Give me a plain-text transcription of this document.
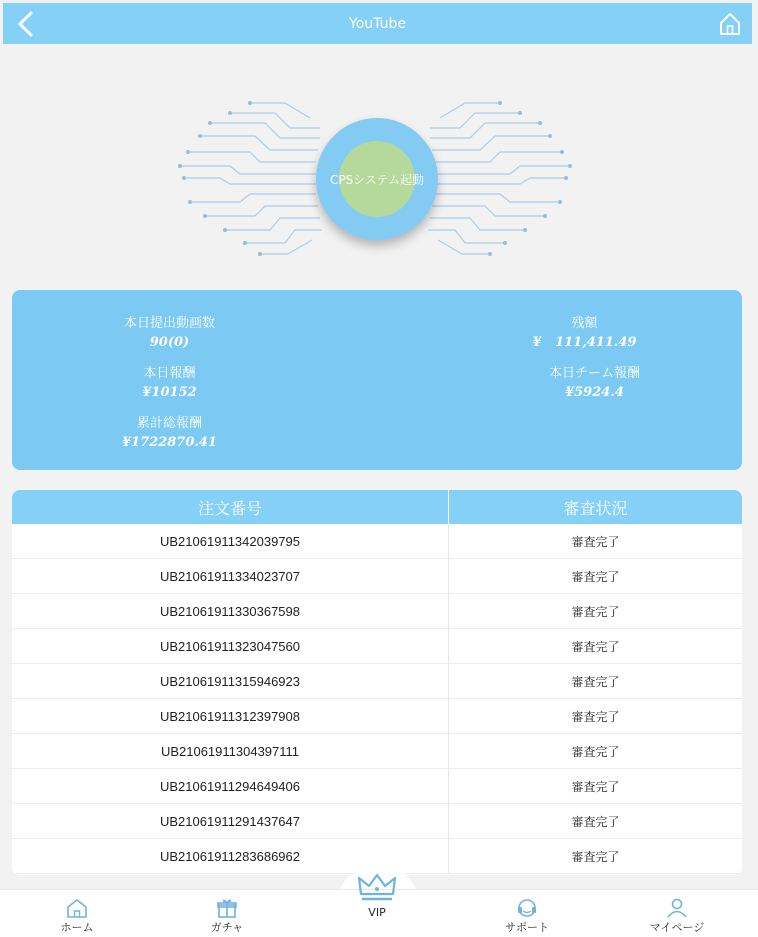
YouTube
CPSシステム起動
本日提出動画数
90(0)
残額
¥   111,411.49
本日報酬
¥10152
本日チーム報酬
¥5924.4
累計総報酬
¥1722870.41
注文番号	審査状況
UB21061911342039795	審査完了
UB21061911334023707	審査完了
UB21061911330367598	審査完了
UB21061911323047560	審査完了
UB21061911315946923	審査完了
UB21061911312397908	審査完了
UB21061911304397111	審査完了
UB21061911294649406	審査完了
UB21061911291437647	審査完了
UB21061911283686962	審査完了
ホーム	ガチャ
VIP
サポート	マイページ
